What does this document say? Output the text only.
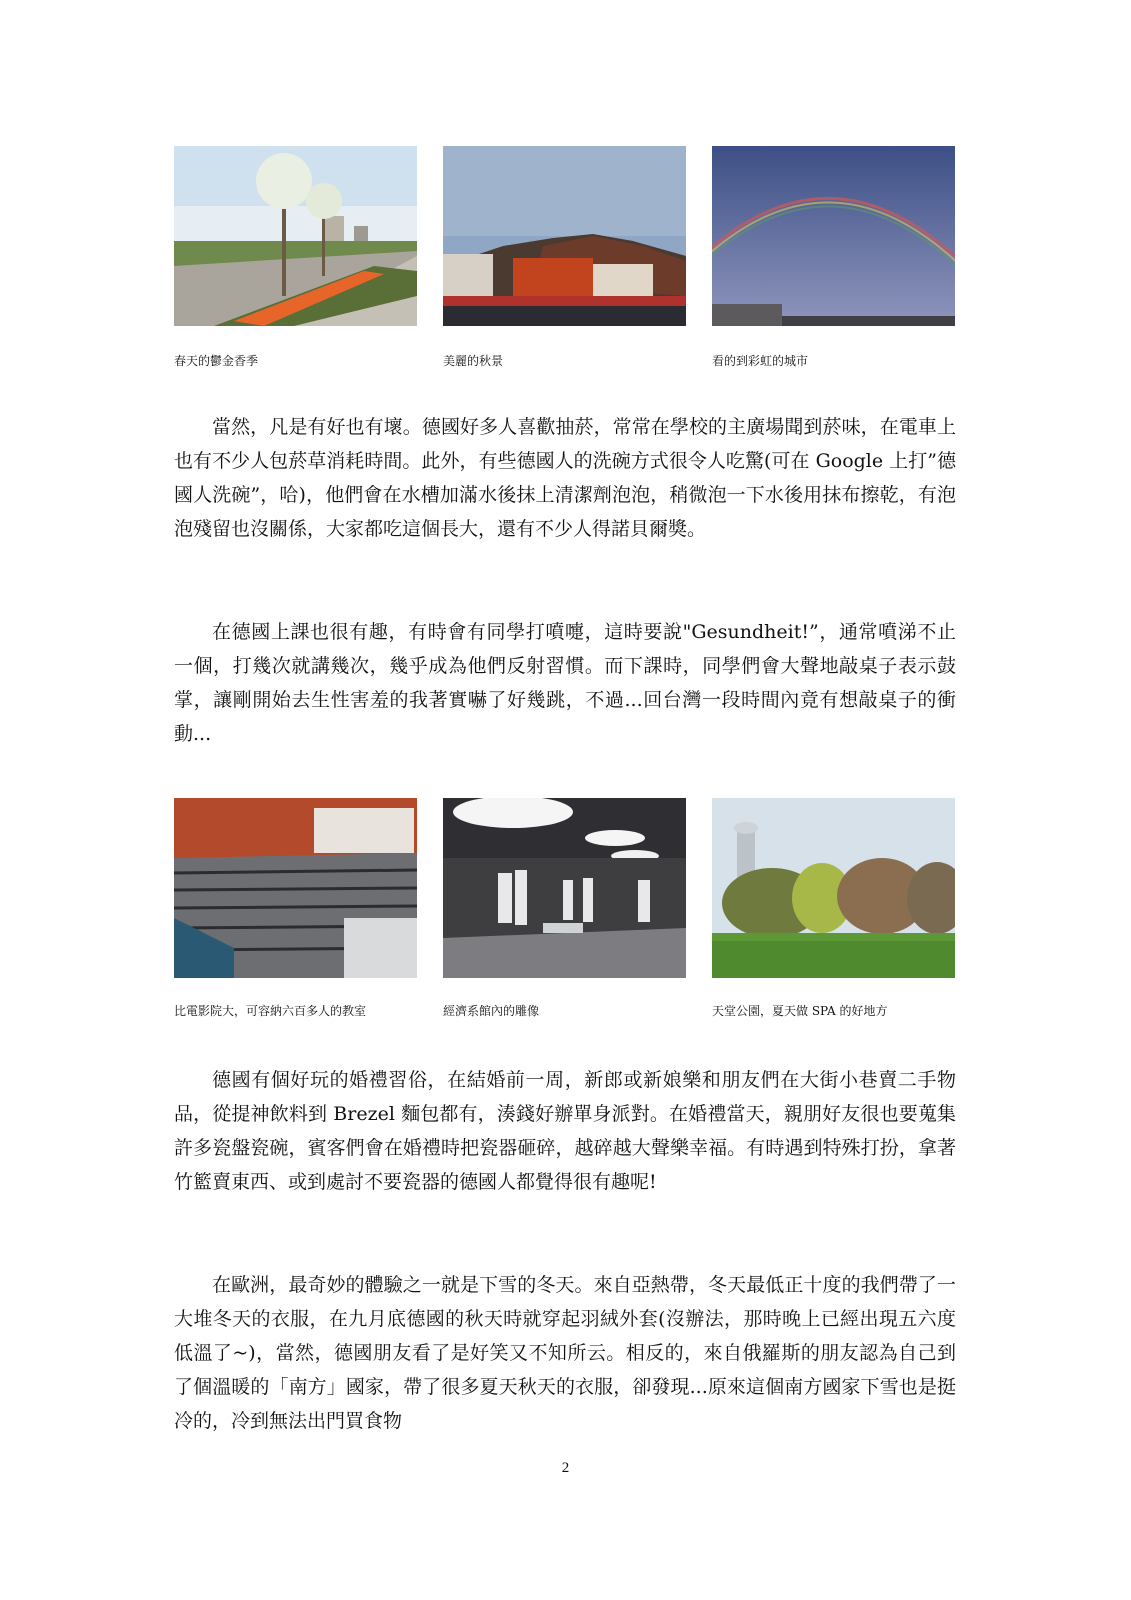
春天的鬱金香季	美麗的秋景	看的到彩虹的城市

當然，凡是有好也有壞。德國好多人喜歡抽菸，常常在學校的主廣場聞到菸味，在電車上也有不少人包菸草消耗時間。此外，有些德國人的洗碗方式很令人吃驚(可在 Google 上打”德國人洗碗”，哈)，他們會在水槽加滿水後抹上清潔劑泡泡，稍微泡一下水後用抹布擦乾，有泡泡殘留也沒關係，大家都吃這個長大，還有不少人得諾貝爾獎。

在德國上課也很有趣，有時會有同學打噴嚏，這時要說"Gesundheit!”，通常噴涕不止一個，打幾次就講幾次，幾乎成為他們反射習慣。而下課時，同學們會大聲地敲桌子表示鼓掌，讓剛開始去生性害羞的我著實嚇了好幾跳，不過...回台灣一段時間內竟有想敲桌子的衝動...

比電影院大，可容納六百多人的教室	經濟系館內的雕像	天堂公園，夏天做 SPA 的好地方

德國有個好玩的婚禮習俗，在結婚前一周，新郎或新娘樂和朋友們在大街小巷賣二手物品，從提神飲料到 Brezel 麵包都有，湊錢好辦單身派對。在婚禮當天，親朋好友很也要蒐集許多瓷盤瓷碗，賓客們會在婚禮時把瓷器砸碎，越碎越大聲樂幸福。有時遇到特殊打扮，拿著竹籃賣東西、或到處討不要瓷器的德國人都覺得很有趣呢!

在歐洲，最奇妙的體驗之一就是下雪的冬天。來自亞熱帶，冬天最低正十度的我們帶了一大堆冬天的衣服，在九月底德國的秋天時就穿起羽絨外套(沒辦法，那時晚上已經出現五六度低溫了~)，當然，德國朋友看了是好笑又不知所云。相反的，來自俄羅斯的朋友認為自己到了個溫暖的「南方」國家，帶了很多夏天秋天的衣服，卻發現...原來這個南方國家下雪也是挺冷的，冷到無法出門買食物

2
